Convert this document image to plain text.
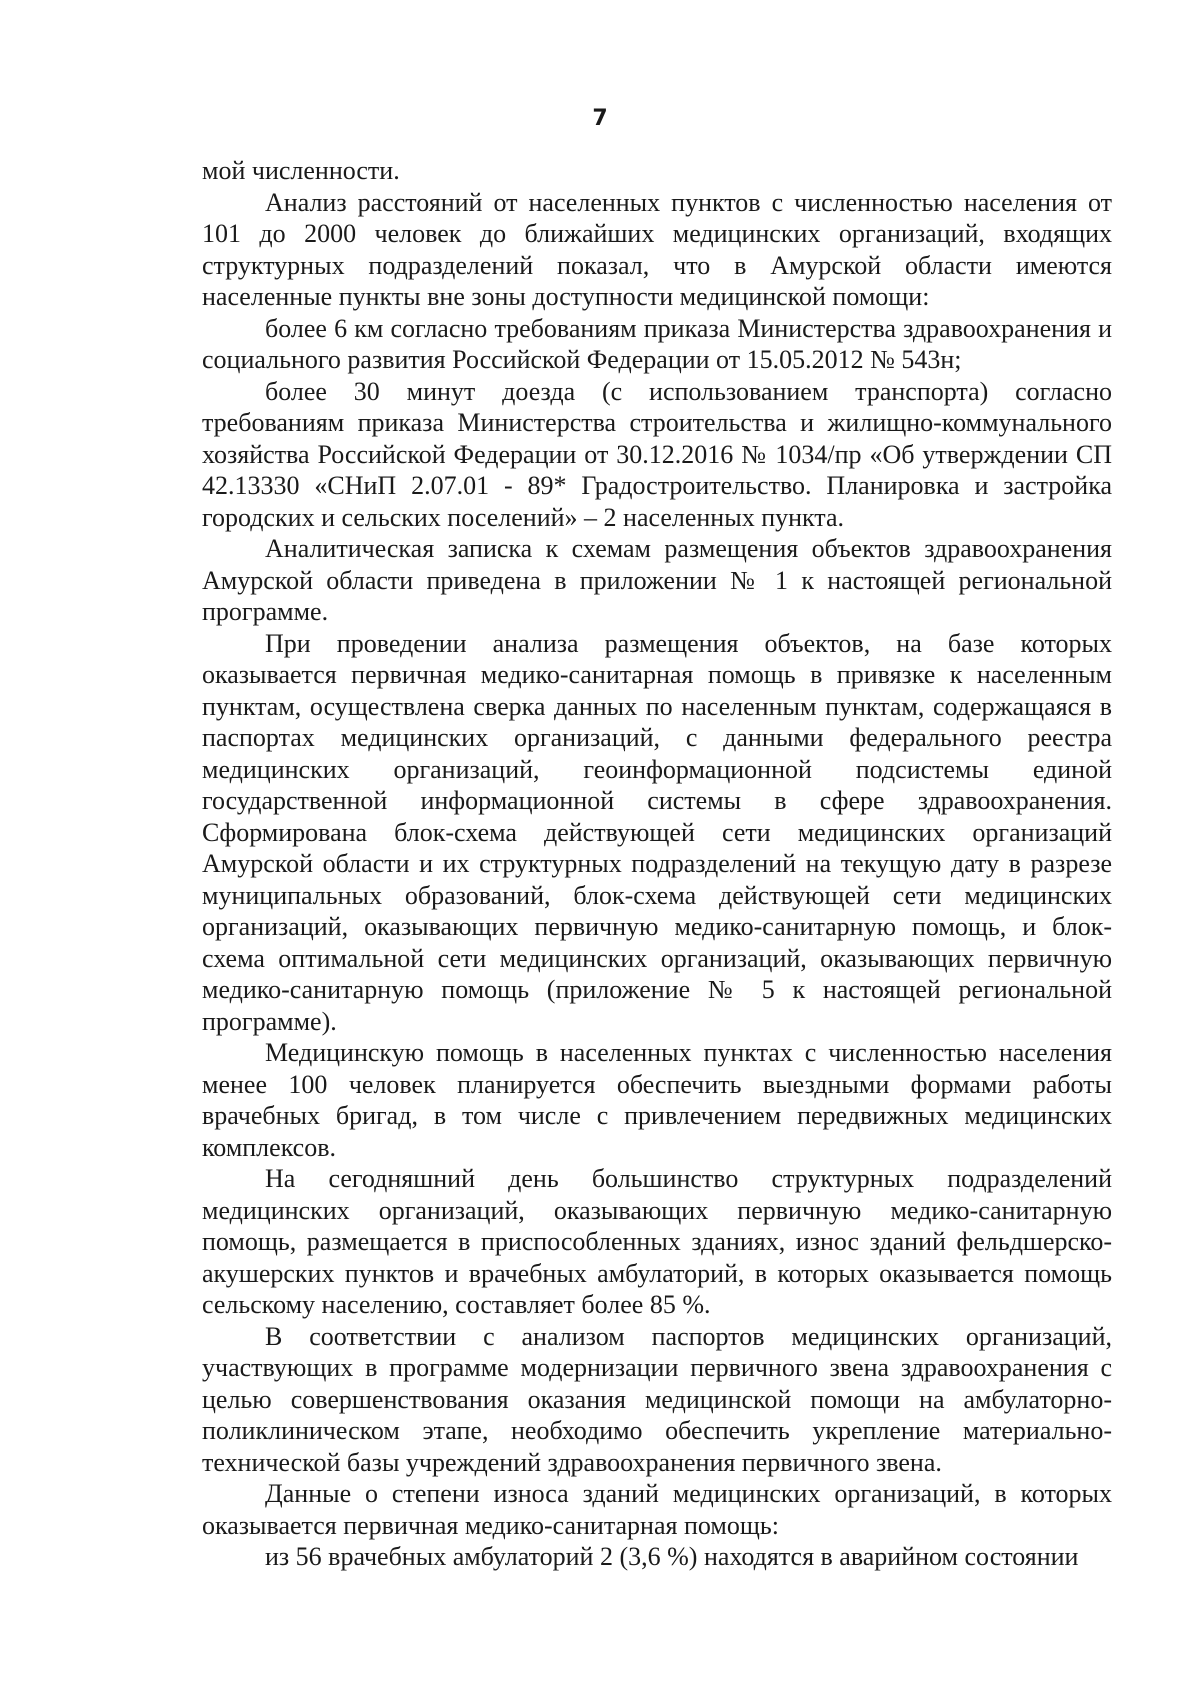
7

мой численности.

Анализ расстояний от населенных пунктов с численностью населения от 101 до 2000 человек до ближайших медицинских организаций, входящих структурных подразделений показал, что в Амурской области имеются населенные пункты вне зоны доступности медицинской помощи:

более 6 км согласно требованиям приказа Министерства здравоохранения и социального развития Российской Федерации от 15.05.2012 № 543н;

более 30 минут доезда (с использованием транспорта) согласно требованиям приказа Министерства строительства и жилищно-коммунального хозяйства Российской Федерации от 30.12.2016 № 1034/пр «Об утверждении СП 42.13330 «СНиП 2.07.01 - 89* Градостроительство. Планировка и застройка городских и сельских поселений» – 2 населенных пункта.

Аналитическая записка к схемам размещения объектов здравоохранения Амурской области приведена в приложении № 1 к настоящей региональной программе.

При проведении анализа размещения объектов, на базе которых оказывается первичная медико-санитарная помощь в привязке к населенным пунктам, осуществлена сверка данных по населенным пунктам, содержащаяся в паспортах медицинских организаций, с данными федерального реестра медицинских организаций, геоинформационной подсистемы единой государственной информационной системы в сфере здравоохранения. Сформирована блок-схема действующей сети медицинских организаций Амурской области и их структурных подразделений на текущую дату в разрезе муниципальных образований, блок-схема действующей сети медицинских организаций, оказывающих первичную медико-санитарную помощь, и блок-схема оптимальной сети медицинских организаций, оказывающих первичную медико-санитарную помощь (приложение № 5 к настоящей региональной программе).

Медицинскую помощь в населенных пунктах с численностью населения менее 100 человек планируется обеспечить выездными формами работы врачебных бригад, в том числе с привлечением передвижных медицинских комплексов.

На сегодняшний день большинство структурных подразделений медицинских организаций, оказывающих первичную медико-санитарную помощь, размещается в приспособленных зданиях, износ зданий фельдшерско-акушерских пунктов и врачебных амбулаторий, в которых оказывается помощь сельскому населению, составляет более 85 %.

В соответствии с анализом паспортов медицинских организаций, участвующих в программе модернизации первичного звена здравоохранения с целью совершенствования оказания медицинской помощи на амбулаторно-поликлиническом этапе, необходимо обеспечить укрепление материально-технической базы учреждений здравоохранения первичного звена.

Данные о степени износа зданий медицинских организаций, в которых оказывается первичная медико-санитарная помощь:

из 56 врачебных амбулаторий 2 (3,6 %) находятся в аварийном состоянии
